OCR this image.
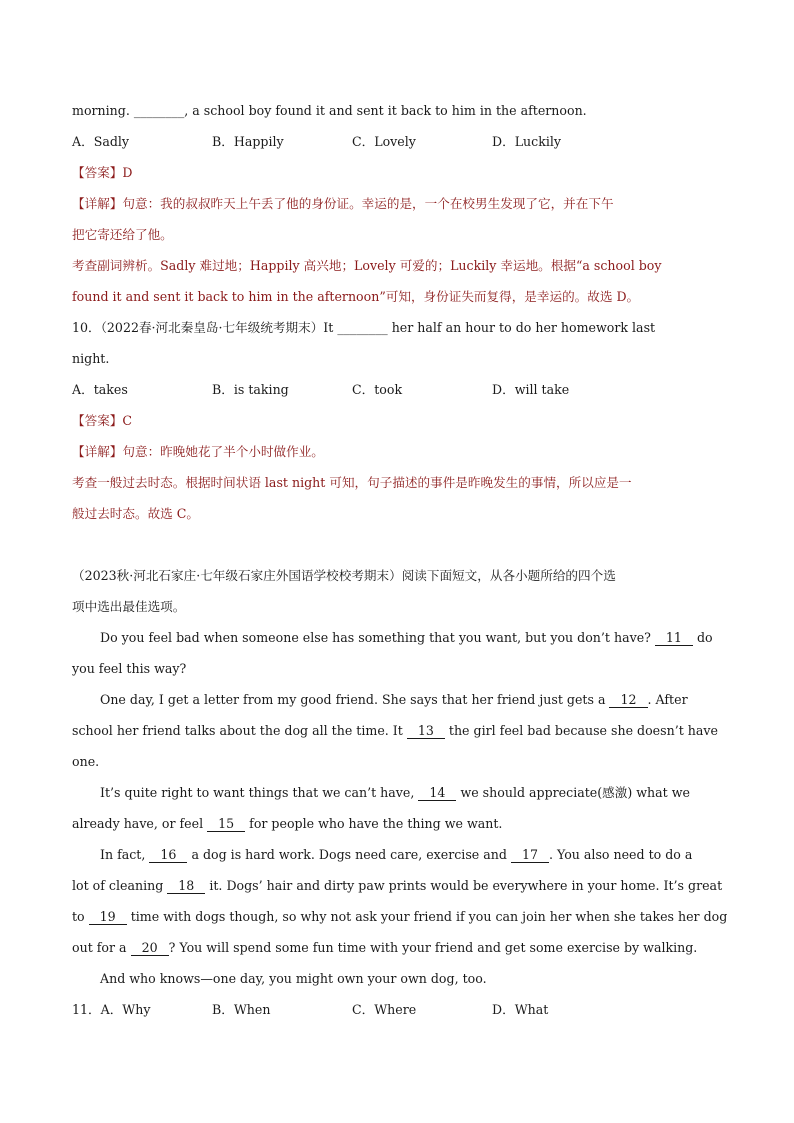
morning. ________, a school boy found it and sent it back to him in the afternoon.
A．Sadly	B．Happily	C．Lovely	D．Luckily
【答案】D
【详解】句意：我的叔叔昨天上午丢了他的身份证。幸运的是，一个在校男生发现了它，并在下午
把它寄还给了他。
考查副词辨析。Sadly 难过地；Happily 高兴地；Lovely 可爱的；Luckily 幸运地。根据“a school boy
found it and sent it back to him in the afternoon”可知，身份证失而复得，是幸运的。故选 D。
10．（2022春·河北秦皇岛·七年级统考期末）It ________ her half an hour to do her homework last
night.
A．takes	B．is taking	C．took	D．will take
【答案】C
【详解】句意：昨晚她花了半个小时做作业。
考查一般过去时态。根据时间状语 last night 可知，句子描述的事件是昨晚发生的事情，所以应是一
般过去时态。故选 C。
（2023秋·河北石家庄·七年级石家庄外国语学校校考期末）阅读下面短文，从各小题所给的四个选
项中选出最佳选项。
Do you feel bad when someone else has something that you want, but you don’t have? 11 do
you feel this way?
One day, I get a letter from my good friend. She says that her friend just gets a 12 . After
school her friend talks about the dog all the time. It 13 the girl feel bad because she doesn’t have
one.
It’s quite right to want things that we can’t have, 14 we should appreciate(感激) what we
already have, or feel 15 for people who have the thing we want.
In fact, 16 a dog is hard work. Dogs need care, exercise and 17 . You also need to do a
lot of cleaning 18 it. Dogs’ hair and dirty paw prints would be everywhere in your home. It’s great
to 19 time with dogs though, so why not ask your friend if you can join her when she takes her dog
out for a 20 ? You will spend some fun time with your friend and get some exercise by walking.
And who knows—one day, you might own your own dog, too.
11．A．Why	B．When	C．Where	D．What
